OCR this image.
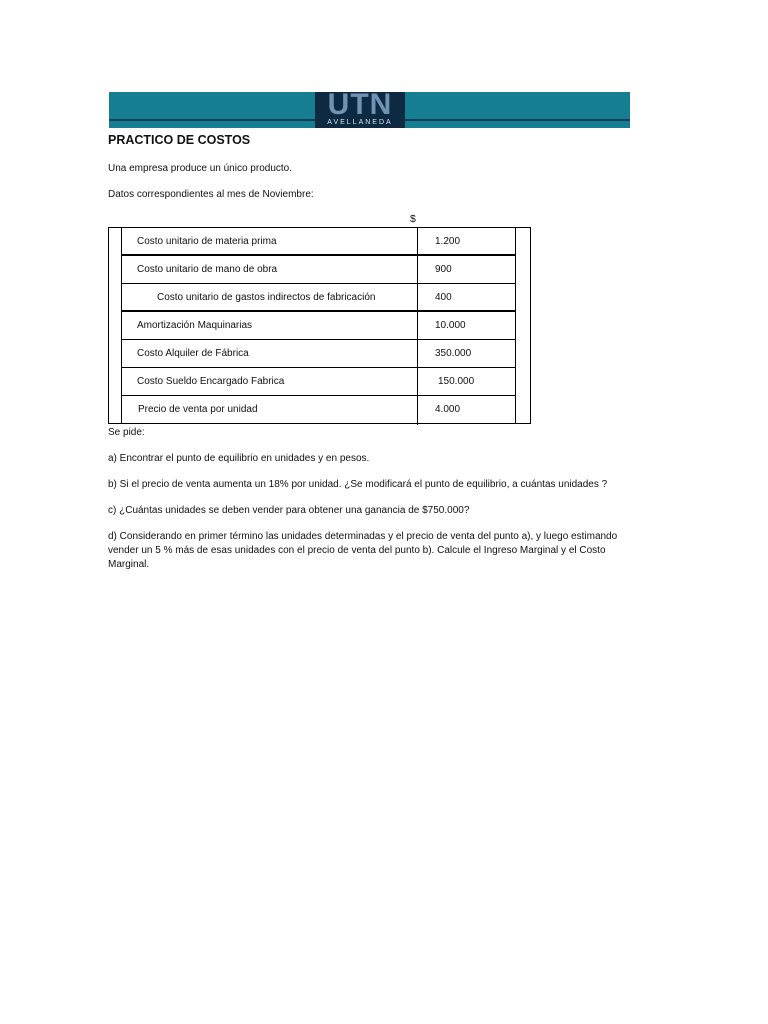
UTN
AVELLANEDA
PRACTICO DE COSTOS
Una empresa produce un único producto.
Datos correspondientes al mes de Noviembre:
$
Costo unitario de materia prima	1.200
Costo unitario de mano de obra	900
Costo unitario de gastos indirectos de fabricación	400
Amortización Maquinarias	10.000
Costo Alquiler de Fábrica	350.000
Costo Sueldo Encargado Fabrica	150.000
Precio de venta por unidad	4.000
Se pide:
a) Encontrar el punto de equilibrio en unidades y en pesos.
b) Si el precio de venta aumenta un 18% por unidad. ¿Se modificará el punto de equilibrio, a cuántas unidades ?
c) ¿Cuántas unidades se deben vender para obtener una ganancia de $750.000?
d) Considerando en primer término las unidades determinadas y el precio de venta del punto a), y luego estimando
vender un 5 % más de esas unidades con el precio de venta del punto b). Calcule el Ingreso Marginal y el Costo
Marginal.
